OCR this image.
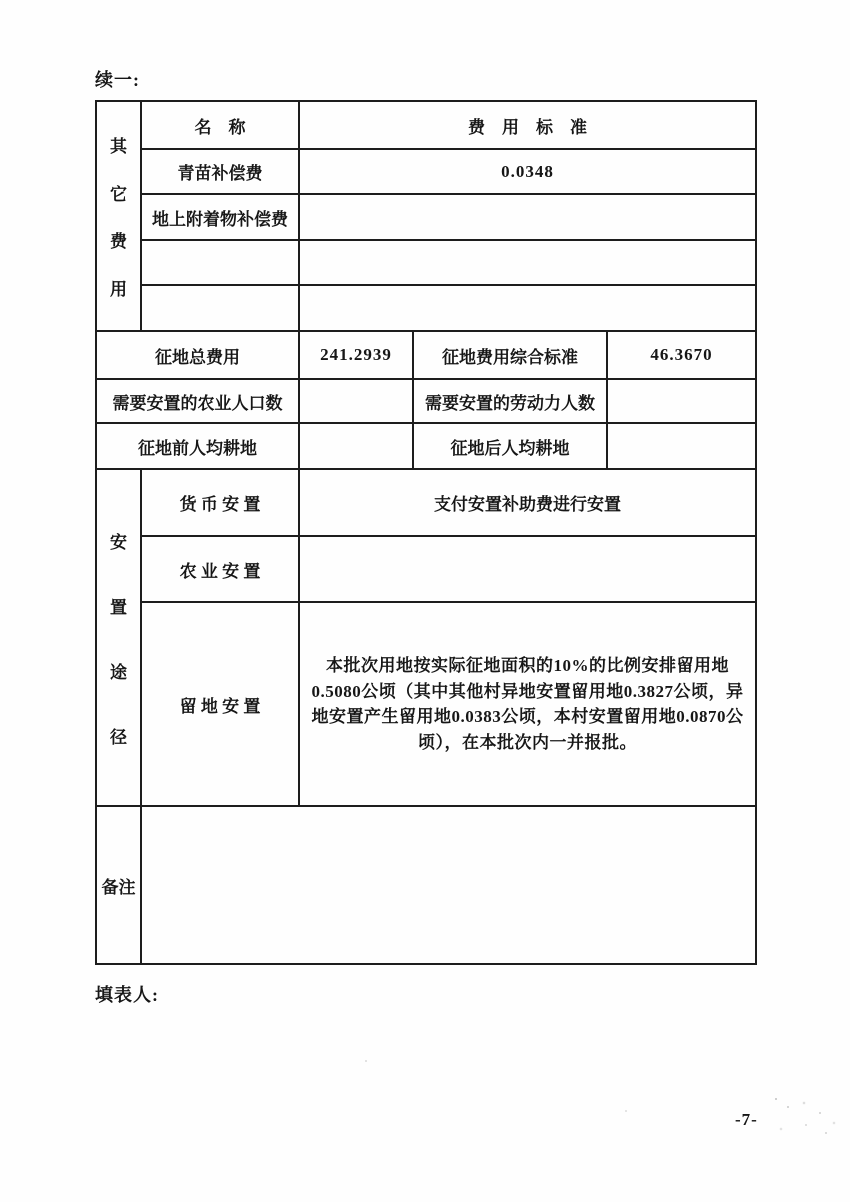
续一:
其
它
费
用	名　称	费　用　标　准		
	青苗补偿费	0.0348		
	地上附着物补偿费			

征地总费用		241.2939	征地费用综合标准	46.3670
需要安置的农业人口数			需要安置的劳动力人数	
征地前人均耕地			征地后人均耕地	

安
置
途
径	货 币 安 置	支付安置补助费进行安置		
	农 业 安 置			
	留 地 安 置	本批次用地按实际征地面积的10%的比例安排留用地0.5080公顷（其中其他村异地安置留用地0.3827公顷，异地安置产生留用地0.0383公顷，本村安置留用地0.0870公顷），在本批次内一并报批。		
备注				
填表人:
-7-
